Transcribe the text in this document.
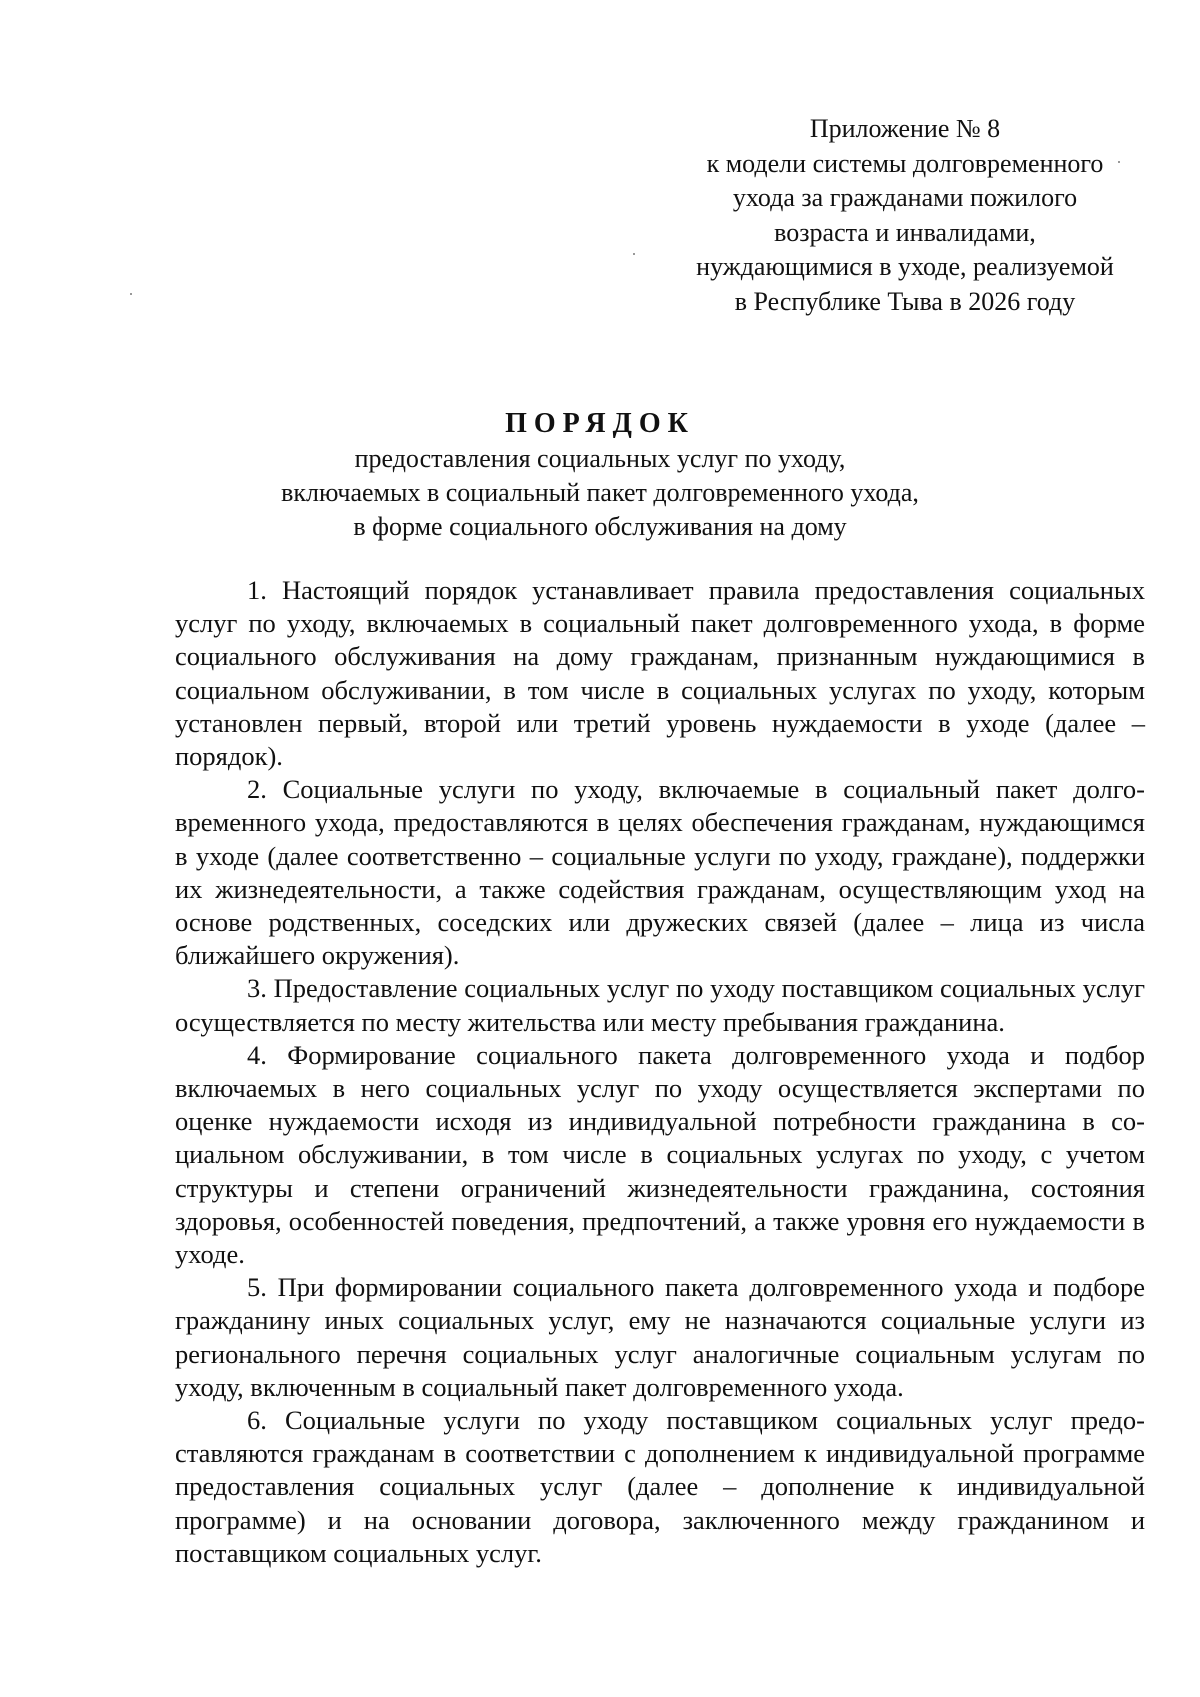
Приложение № 8
к модели системы долговременного
ухода за гражданами пожилого
возраста и инвалидами,
нуждающимися в уходе, реализуемой
в Республике Тыва в 2026 году
ПОРЯДОК
предоставления социальных услуг по уходу,
включаемых в социальный пакет долговременного ухода,
в форме социального обслуживания на дому

1. Настоящий порядок устанавливает правила предоставления социальных услуг по уходу, включаемых в социальный пакет долговременного ухода, в форме социального обслуживания на дому гражданам, признанным нуждающимися в социальном обслуживании, в том числе в социальных услугах по уходу, которым установлен первый, второй или третий уровень нуждаемости в уходе (далее – порядок).

2. Социальные услуги по уходу, включаемые в социальный пакет долговременного ухода, предоставляются в целях обеспечения гражданам, нуждающимся в уходе (далее соответственно – социальные услуги по уходу, граждане), поддержки их жизнедеятельности, а также содействия гражданам, осуществляющим уход на основе родственных, соседских или дружеских связей (далее – лица из числа ближайшего окружения).

3. Предоставление социальных услуг по уходу поставщиком социальных услуг осуществляется по месту жительства или месту пребывания гражданина.

4. Формирование социального пакета долговременного ухода и подбор включаемых в него социальных услуг по уходу осуществляется экспертами по оценке нуждаемости исходя из индивидуальной потребности гражданина в социальном обслуживании, в том числе в социальных услугах по уходу, с учетом структуры и степени ограничений жизнедеятельности гражданина, состояния здоровья, особенностей поведения, предпочтений, а также уровня его нуждаемости в уходе.

5. При формировании социального пакета долговременного ухода и подборе гражданину иных социальных услуг, ему не назначаются социальные услуги из регионального перечня социальных услуг аналогичные социальным услугам по уходу, включенным в социальный пакет долговременного ухода.

6. Социальные услуги по уходу поставщиком социальных услуг предоставляются гражданам в соответствии с дополнением к индивидуальной программе предоставления социальных услуг (далее – дополнение к индивидуальной программе) и на основании договора, заключенного между гражданином и поставщиком социальных услуг.
